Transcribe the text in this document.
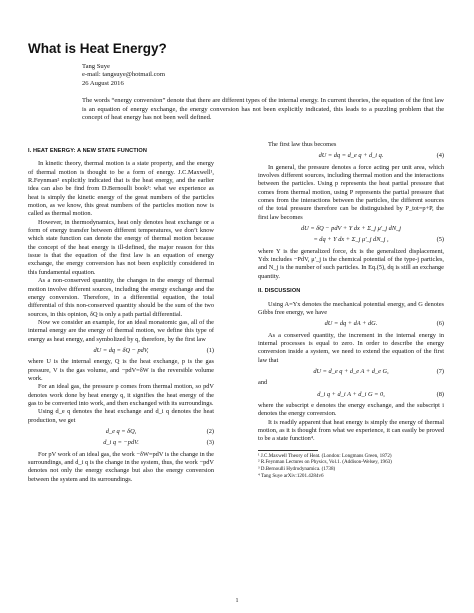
What is Heat Energy?
Tang Suye
e-mail: tangsuye@hotmail.com
26 August 2016
The words “energy conversion” denote that there are different types of the internal energy. In current theories, the equation of the first law is an equation of energy exchange, the energy conversion has not been explicitly indicated, this leads to a puzzling problem that the concept of heat energy has not been well defined.
I. HEAT ENERGY: A NEW STATE FUNCTION

In kinetic theory, thermal motion is a state property, and the energy of thermal motion is thought to be a form of energy. J.C.Maxwell¹, R.Feynman² explicitly indicated that is the heat energy, and the earlier idea can also be find from D.Bernoulli book³: what we experience as heat is simply the kinetic energy of the great numbers of the particles motion, as we know, this great numbers of the particles motion now is called as thermal motion.

However, in thermodynamics, heat only denotes heat exchange or a form of energy transfer between different temperatures, we don’t know which state function can denote the energy of thermal motion because the concept of the heat energy is ill-defined, the major reason for this issue is that the equation of the first law is an equation of energy exchange, the energy conversion has not been explicitly considered in this fundamental equation.

As a non-conserved quantity, the changes in the energy of thermal motion involve different sources, including the energy exchange and the energy conversion. Therefore, in a differential equation, the total differential of this non-conserved quantity should be the sum of the two sources, in this opinion, δQ is only a path partial differential.

Now we consider an example, for an ideal monatomic gas, all of the internal energy are the energy of thermal motion, we define this type of energy as heat energy, and symbolized by q, therefore, by the first law

dU = dq = δQ − pdV,	(1)

where U is the internal energy, Q is the heat exchange, p is the gas pressure, V is the gas volume, and −pdV=δW is the reversible volume work.

For an ideal gas, the pressure p comes from thermal motion, so pdV denotes work done by heat energy q, it signifies the heat energy of the gas to be converted into work, and then exchanged with its surroundings.

Using d_e q denotes the heat exchange and d_i q denotes the heat production, we get

d_e q = δQ,	(2)
d_i q = −pdV.	(3)

For pV work of an ideal gas, the work −δW=pdV is the change in the surroundings, and d_i q is the change in the system, thus, the work −pdV denotes not only the energy exchange but also the energy conversion between the system and its surroundings.

The first law thus becomes

dU = dq = d_e q + d_i q.	(4)

In general, the pressure denotes a force acting per unit area, which involves different sources, including thermal motion and the interactions between the particles. Using p represents the heat partial pressure that comes from thermal motion, using P represents the partial pressure that comes from the interactions between the particles, the different sources of the total pressure therefore can be distinguished by P_tot=p+P, the first law becomes

dU = δQ − pdV + Y dx + Σ_j μ′_j dN_j
= dq + Y dx + Σ_j μ′_j dN_j ,	(5)

where Y is the generalized force, dx is the generalized displacement, Ydx includes −PdV, μ′_j is the chemical potential of the type-j particles, and N_j is the number of such particles. In Eq.(5), dq is still an exchange quantity.

II. DISCUSSION

Using A=Yx denotes the mechanical potential energy, and G denotes Gibbs free energy, we have

dU = dq + dA + dG.	(6)

As a conserved quantity, the increment in the internal energy in internal processes is equal to zero. In order to describe the energy conversion inside a system, we need to extend the equation of the first law that

dU = d_e q + d_e A + d_e G,	(7)

and

d_i q + d_i A + d_i G = 0,	(8)

where the subscript e denotes the energy exchange, and the subscript i denotes the energy conversion.

It is readily apparent that heat energy is simply the energy of thermal motion, as it is thought from what we experience, it can easily be proved to be a state function⁴.

¹ J.C.Maxwell Theory of Heat. (London: Longmans Green, 1872)
² R.Feynman Lectures on Physics, Vol.1. (Addison-Welsey, 1963)
³ D.Bernoulli Hydrodynamica. (1738)
⁴ Tang Suye arXiv:1201.4284v6
1
